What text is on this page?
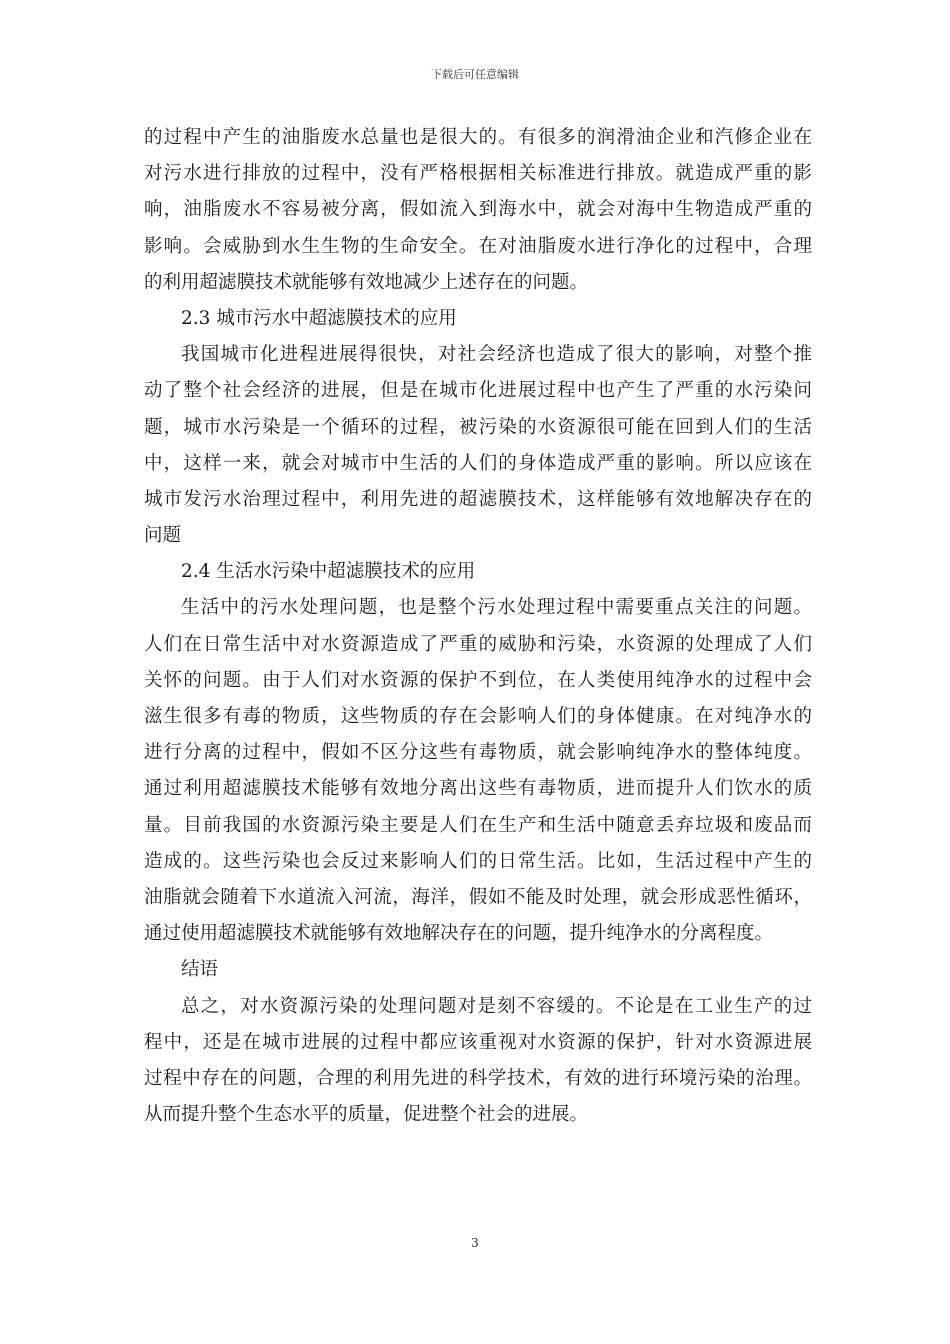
下载后可任意编辑
的过程中产生的油脂废水总量也是很大的。有很多的润滑油企业和汽修企业在
对污水进行排放的过程中，没有严格根据相关标准进行排放。就造成严重的影
响，油脂废水不容易被分离，假如流入到海水中，就会对海中生物造成严重的
影响。会威胁到水生生物的生命安全。在对油脂废水进行净化的过程中，合理
的利用超滤膜技术就能够有效地减少上述存在的问题。
2.3 城市污水中超滤膜技术的应用
我国城市化进程进展得很快，对社会经济也造成了很大的影响，对整个推
动了整个社会经济的进展，但是在城市化进展过程中也产生了严重的水污染问
题，城市水污染是一个循环的过程，被污染的水资源很可能在回到人们的生活
中，这样一来，就会对城市中生活的人们的身体造成严重的影响。所以应该在
城市发污水治理过程中，利用先进的超滤膜技术，这样能够有效地解决存在的
问题
2.4 生活水污染中超滤膜技术的应用
生活中的污水处理问题，也是整个污水处理过程中需要重点关注的问题。
人们在日常生活中对水资源造成了严重的威胁和污染，水资源的处理成了人们
关怀的问题。由于人们对水资源的保护不到位，在人类使用纯净水的过程中会
滋生很多有毒的物质，这些物质的存在会影响人们的身体健康。在对纯净水的
进行分离的过程中，假如不区分这些有毒物质，就会影响纯净水的整体纯度。
通过利用超滤膜技术能够有效地分离出这些有毒物质，进而提升人们饮水的质
量。目前我国的水资源污染主要是人们在生产和生活中随意丢弃垃圾和废品而
造成的。这些污染也会反过来影响人们的日常生活。比如，生活过程中产生的
油脂就会随着下水道流入河流，海洋，假如不能及时处理，就会形成恶性循环，
通过使用超滤膜技术就能够有效地解决存在的问题，提升纯净水的分离程度。
结语
总之，对水资源污染的处理问题对是刻不容缓的。不论是在工业生产的过
程中，还是在城市进展的过程中都应该重视对水资源的保护，针对水资源进展
过程中存在的问题，合理的利用先进的科学技术，有效的进行环境污染的治理。
从而提升整个生态水平的质量，促进整个社会的进展。
3
